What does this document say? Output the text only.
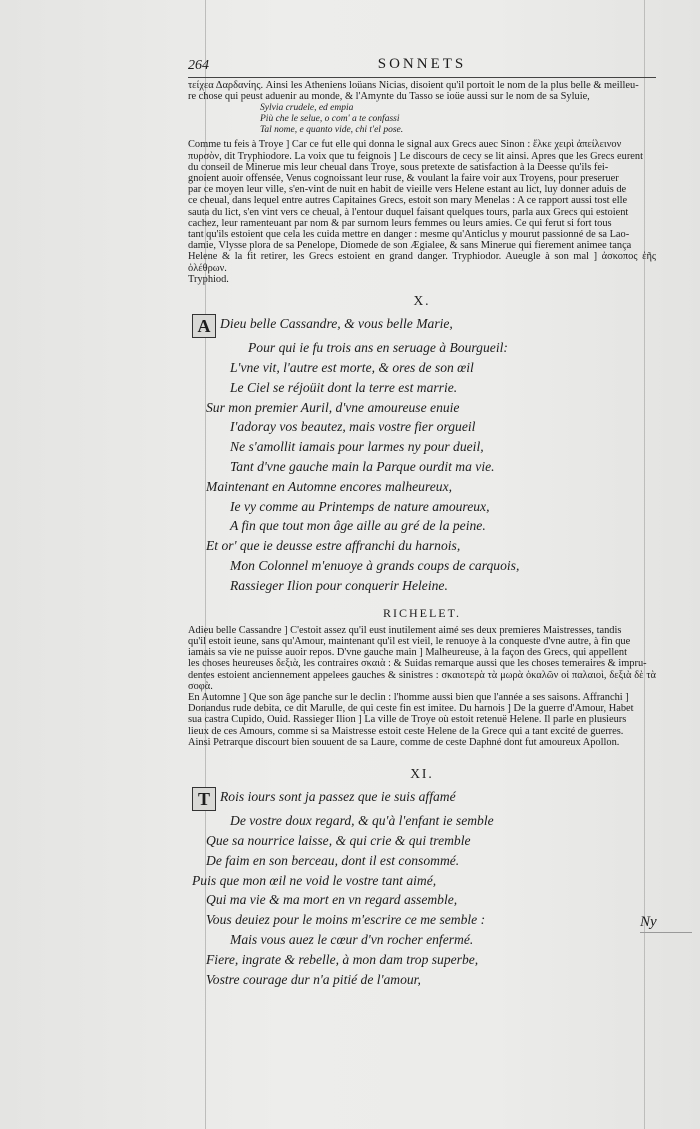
264	SONNETS

τείχεα Δαρδανίης. Ainsi les Atheniens loüans Nicias, disoient qu'il portoit le nom de la plus belle & meilleu-

re chose qui peust aduenir au monde, & l'Amynte du Tasso se ioüe aussi sur le nom de sa Syluie,

Sylvia crudele, ed empia
Più che le selue, o com' a te confassi
Tal nome, e quanto vide, chi t'el pose.

Comme tu feis à Troye ] Car ce fut elle qui donna le signal aux Grecs auec Sinon : ἕλκε χειρὶ ἀπείλεινον

πυρσὸν, dit Tryphiodore. La voix que tu feignois ] Le discours de cecy se lit ainsi. Apres que les Grecs eurent

du conseil de Minerue mis leur cheual dans Troye, sous pretexte de satisfaction à la Deesse qu'ils fei-

gnoient auoir offensée, Venus cognoissant leur ruse, & voulant la faire voir aux Troyens, pour preseruer

par ce moyen leur ville, s'en-vint de nuit en habit de vieille vers Helene estant au lict, luy donner aduis de

ce cheual, dans lequel entre autres Capitaines Grecs, estoit son mary Menelas : A ce rapport aussi tost elle

sauta du lict, s'en vint vers ce cheual, à l'entour duquel faisant quelques tours, parla aux Grecs qui estoient

cachez, leur ramenteuant par nom & par surnom leurs femmes ou leurs amies. Ce qui ferut si fort tous

tant qu'ils estoient que cela les cuida mettre en danger : mesme qu'Anticlus y mourut passionné de sa Lao-

damie, Vlysse plora de sa Penelope, Diomede de son Ægialee, & sans Minerue qui fierement animee tança

Helene & la fit retirer, les Grecs estoient en grand danger. Tryphiodor. Aueugle à son mal ] ἀσκοπος ἑῆς ὀλέθρων.

Tryphiod.

X.
A Dieu belle Cassandre, & vous belle Marie,
Pour qui ie fu trois ans en seruage à Bourgueil:
L'vne vit, l'autre est morte, & ores de son œil
Le Ciel se réjoüit dont la terre est marrie.
Sur mon premier Auril, d'vne amoureuse enuie
I'adoray vos beautez, mais vostre fier orgueil
Ne s'amollit iamais pour larmes ny pour dueil,
Tant d'vne gauche main la Parque ourdit ma vie.
Maintenant en Automne encores malheureux,
Ie vy comme au Printemps de nature amoureux,
A fin que tout mon âge aille au gré de la peine.
Et or' que ie deusse estre affranchi du harnois,
Mon Colonnel m'enuoye à grands coups de carquois,
Rassieger Ilion pour conquerir Heleine.
RICHELET.

Adieu belle Cassandre ] C'estoit assez qu'il eust inutilement aimé ses deux premieres Maistresses, tandis

qu'il estoit ieune, sans qu'Amour, maintenant qu'il est vieil, le renuoye à la conqueste d'vne autre, à fin que

iamais sa vie ne puisse auoir repos. D'vne gauche main ] Malheureuse, à la façon des Grecs, qui appellent

les choses heureuses δεξιὰ, les contraires σκαιὰ : & Suidas remarque aussi que les choses temeraires & impru-

dentes estoient anciennement appelees gauches & sinistres : σκαιοτερὰ τὰ μωρὰ ὁκαλῶν οἱ παλαιοὶ, δεξιὰ δὲ τὰ σοφὰ.

En Automne ] Que son âge panche sur le declin : l'homme aussi bien que l'année a ses saisons. Affranchi ]

Donandus rude debita, ce dit Marulle, de qui ceste fin est imitee. Du harnois ] De la guerre d'Amour, Habet

sua castra Cupido, Ouid. Rassieger Ilion ] La ville de Troye où estoit retenuë Helene. Il parle en plusieurs

lieux de ces Amours, comme si sa Maistresse estoit ceste Helene de la Grece qui a tant excité de guerres.

Ainsi Petrarque discourt bien souuent de sa Laure, comme de ceste Daphné dont fut amoureux Apollon.

XI.
T Rois iours sont ja passez que ie suis affamé
De vostre doux regard, & qu'à l'enfant ie semble
Que sa nourrice laisse, & qui crie & qui tremble
De faim en son berceau, dont il est consommé.
Puis que mon œil ne void le vostre tant aimé,
Qui ma vie & ma mort en vn regard assemble,
Vous deuiez pour le moins m'escrire ce me semble :
Mais vous auez le cœur d'vn rocher enfermé.
Fiere, ingrate & rebelle, à mon dam trop superbe,
Vostre courage dur n'a pitié de l'amour,
Ny
